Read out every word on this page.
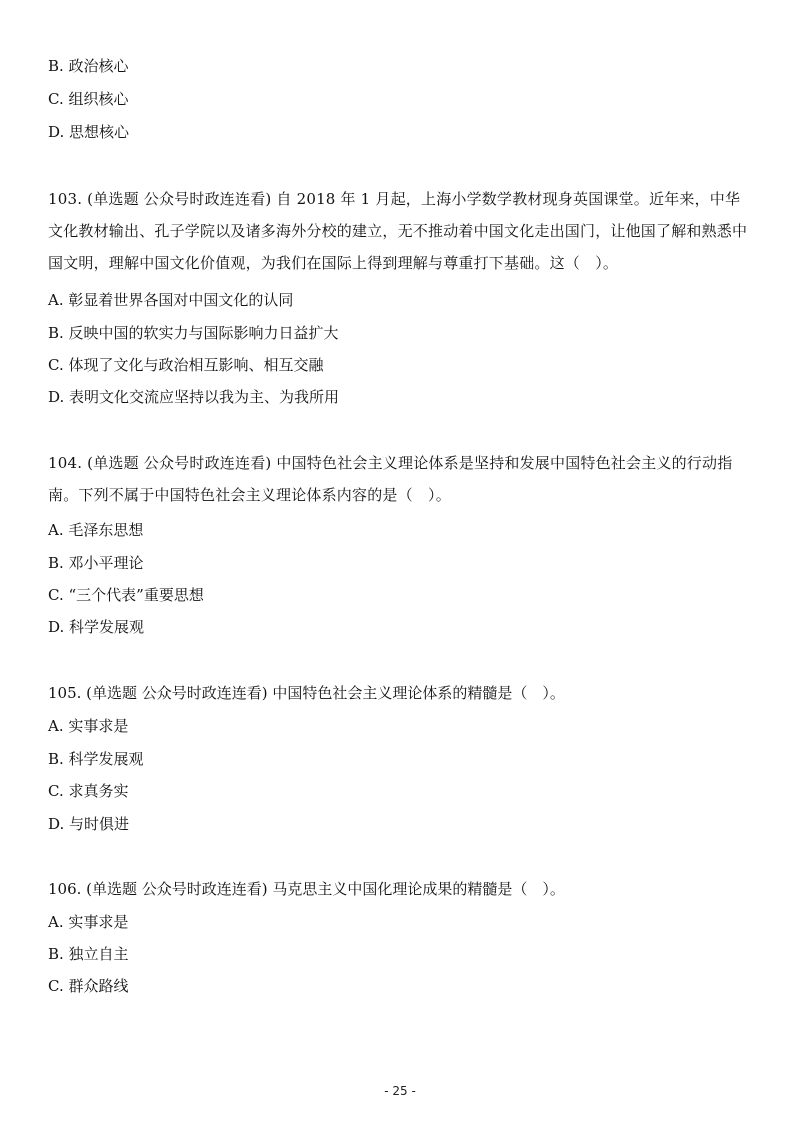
B. 政治核心
C. 组织核心
D. 思想核心
103. (单选题 公众号时政连连看) 自 2018 年 1 月起，上海小学数学教材现身英国课堂。近年来，中华文化教材输出、孔子学院以及诸多海外分校的建立，无不推动着中国文化走出国门，让他国了解和熟悉中国文明，理解中国文化价值观，为我们在国际上得到理解与尊重打下基础。这（　）。
A. 彰显着世界各国对中国文化的认同
B. 反映中国的软实力与国际影响力日益扩大
C. 体现了文化与政治相互影响、相互交融
D. 表明文化交流应坚持以我为主、为我所用
104. (单选题 公众号时政连连看) 中国特色社会主义理论体系是坚持和发展中国特色社会主义的行动指南。下列不属于中国特色社会主义理论体系内容的是（　）。
A. 毛泽东思想
B. 邓小平理论
C. “三个代表”重要思想
D. 科学发展观
105. (单选题 公众号时政连连看) 中国特色社会主义理论体系的精髓是（　）。
A. 实事求是
B. 科学发展观
C. 求真务实
D. 与时俱进
106. (单选题 公众号时政连连看) 马克思主义中国化理论成果的精髓是（　）。
A. 实事求是
B. 独立自主
C. 群众路线
- 25 -
